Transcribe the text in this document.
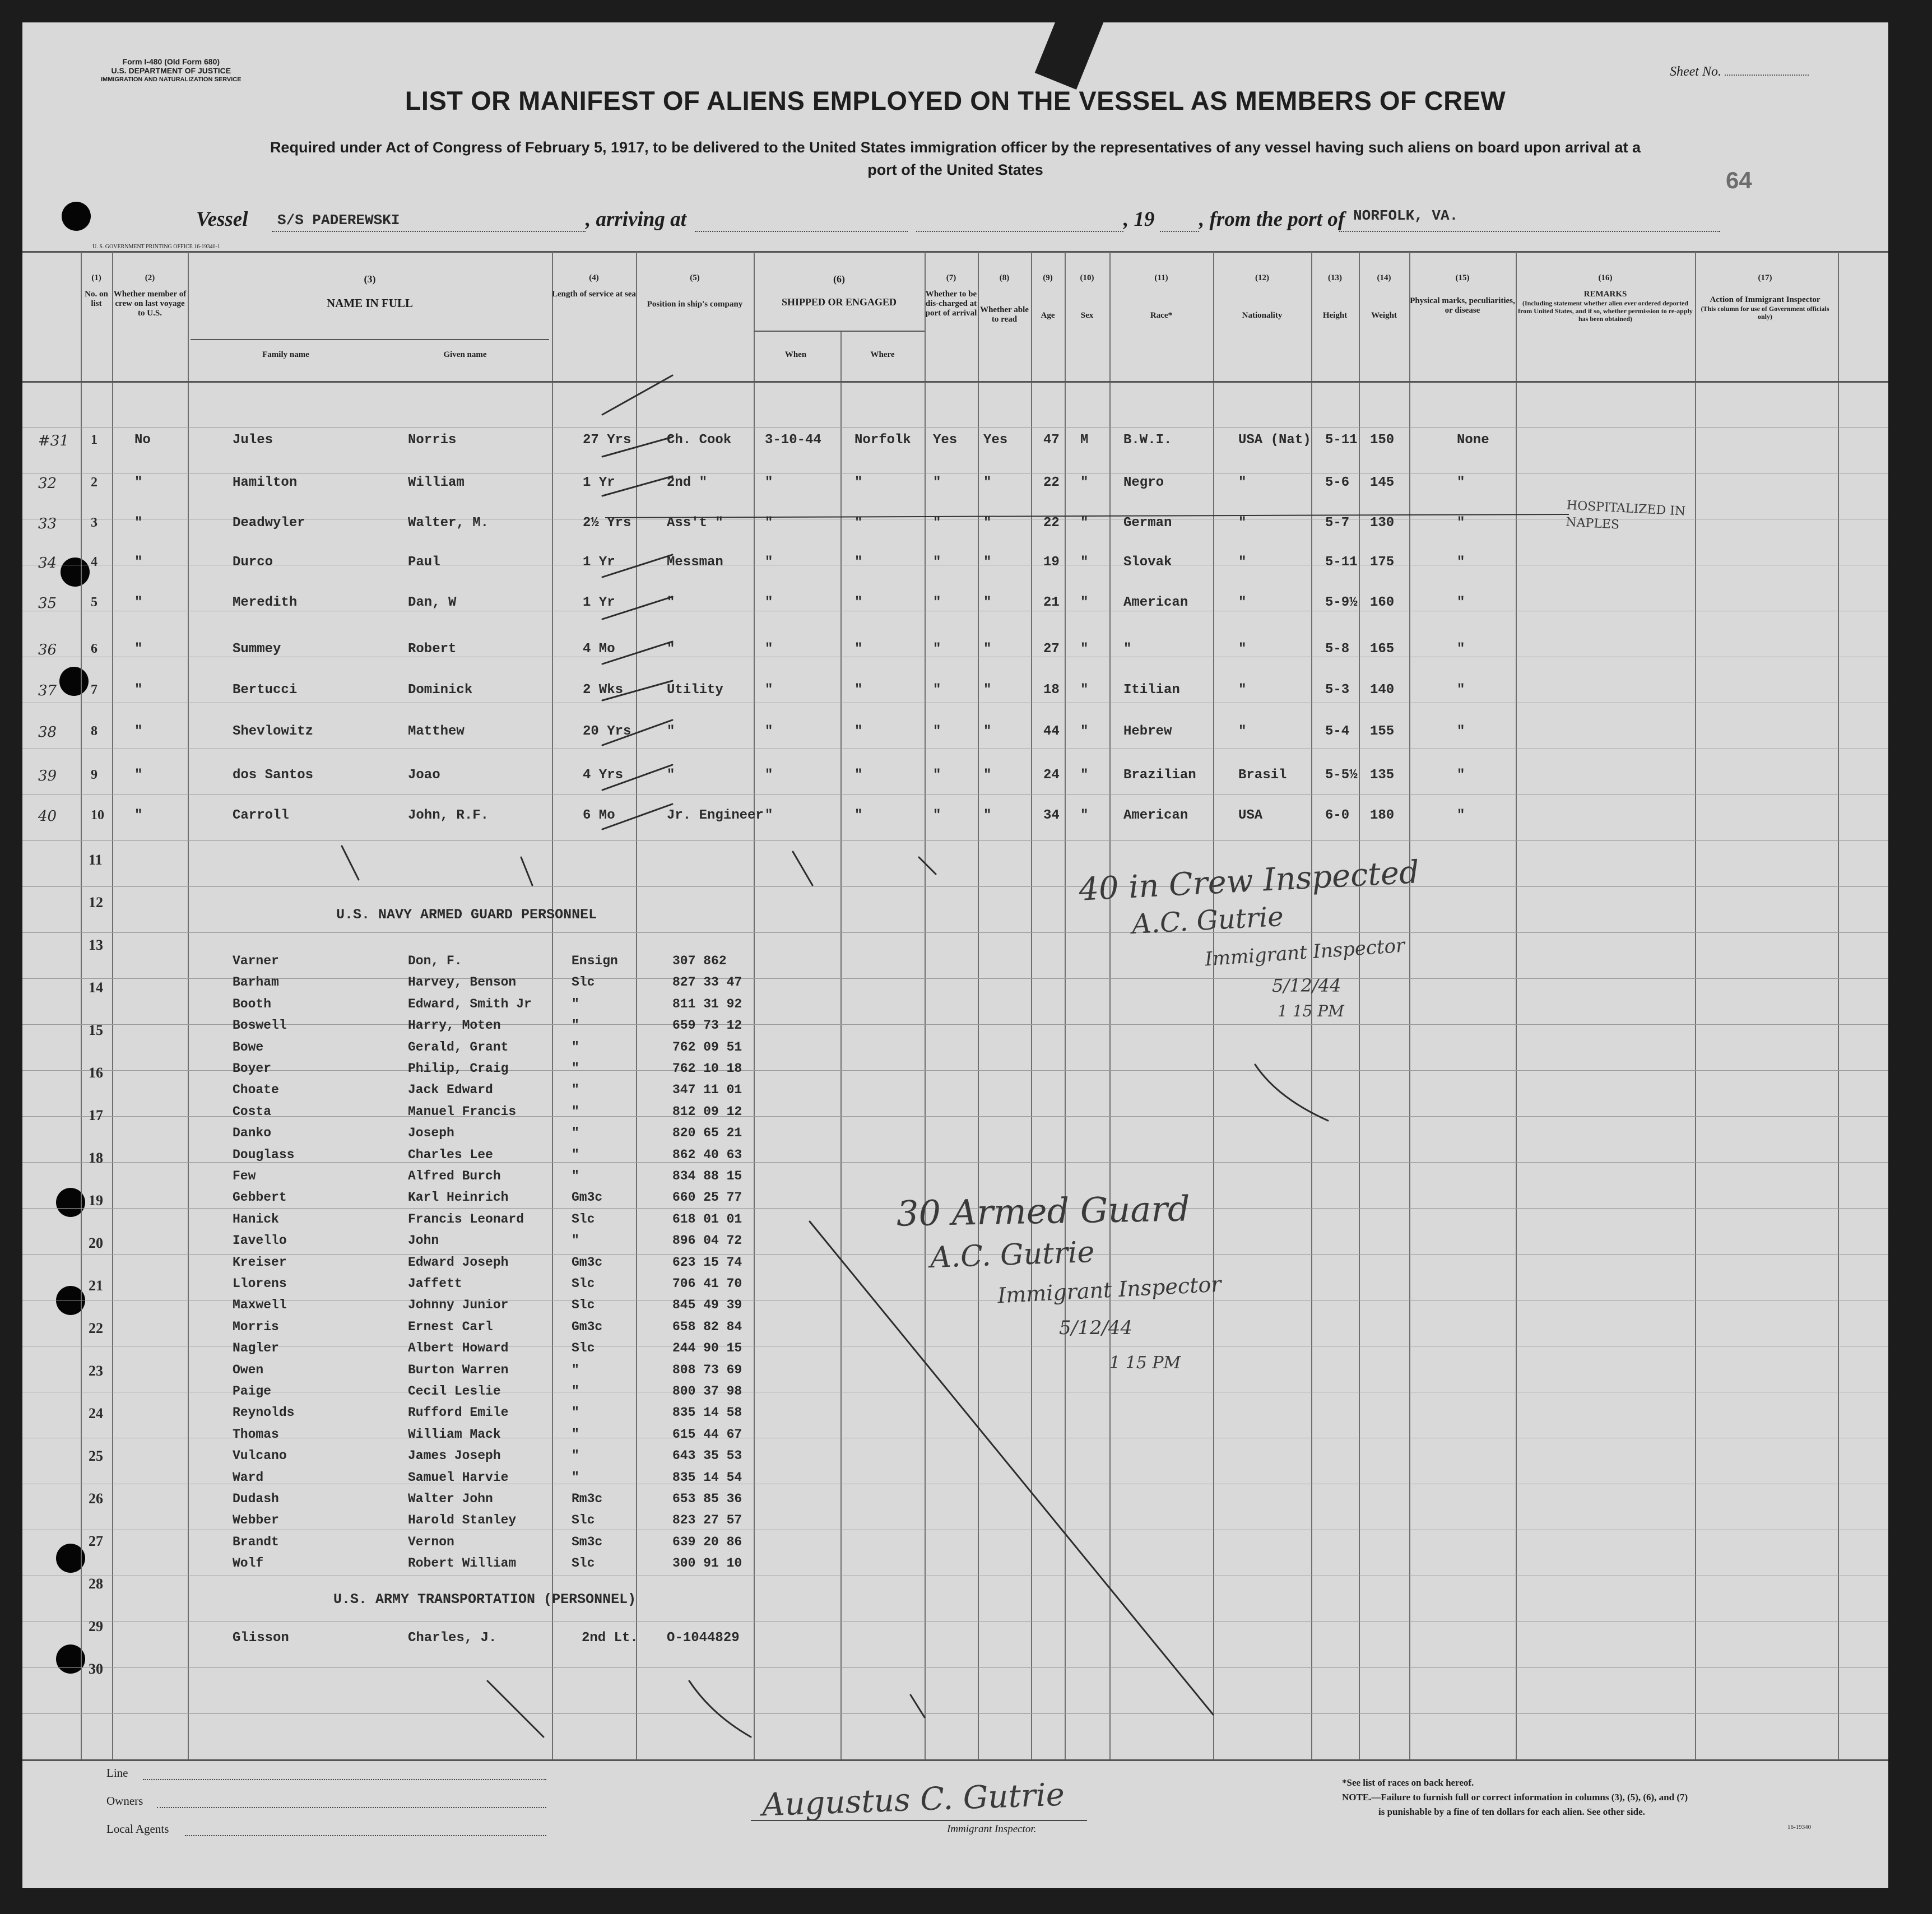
Form I-480 (Old Form 680)
U.S. DEPARTMENT OF JUSTICE
IMMIGRATION AND NATURALIZATION SERVICE
Sheet No.
LIST OR MANIFEST OF ALIENS EMPLOYED ON THE VESSEL AS MEMBERS OF CREW
Required under Act of Congress of February 5, 1917, to be delivered to the United States immigration officer by the representatives of any vessel having such aliens on board upon arrival at a
port of the United States	64
Vessel S/S PADEREWSKI	, arriving at	, 19 , from the port of NORFOLK, VA.
U. S. GOVERNMENT PRINTING OFFICE 16-19340-1
(1)
No. on list
(2)
Whether member of crew on last voyage to U.S.
(3)
NAME IN FULL
Family name	Given name
(4)
Length of service at sea
(5)
Position in ship's company
(6)
SHIPPED OR ENGAGED
When	Where
(7)
Whether to be dis-charged at port of arrival
(8)
Whether able to read
(9)
Age
(10)
Sex
(11)
Race*
(12)
Nationality
(13)
Height
(14)
Weight
(15)
Physical marks, peculiarities, or disease
(16)
REMARKS
(Including statement whether alien ever ordered deported from United States, and if so, whether permission to re-apply has been obtained)
(17)
Action of Immigrant Inspector
(This column for use of Government officials only)
#31 1	No	Jules	Norris	27 Yrs	Ch. Cook 3-10-44 Norfolk Yes Yes	47 M	B.W.I.	USA (Nat) 5-11 150	None
32	2	"	Hamilton	William	1 Yr	2nd "	"	"	"	"	22 "	Negro	"	5-6 145	"
33	3	"	Deadwyler	Walter, M.	2½ Yrs	Ass't "	"	"	"	"	22 "	German	"	5-7 130	"
34	4	"	Durco	Paul	1 Yr	Messman	"	"	"	"	19 "	Slovak	"	5-11 175	"
35	5	"	Meredith	Dan, W	1 Yr	"	"	"	"	"	21 "	American	"	5-9½ 160	"
36	6	"	Summey	Robert	4 Mo	"	"	"	"	"	27 "	"	"	5-8 165	"
37	7	"	Bertucci	Dominick	2 Wks	Utility	"	"	"	"	18 "	Itilian	"	5-3 140	"
38	8	"	Shevlowitz	Matthew	20 Yrs	"	"	"	"	"	44 "	Hebrew	"	5-4 155	"
39	9	"	dos Santos	Joao	4 Yrs	"	"	"	"	"	24 "	Brazilian	Brasil	5-5½ 135	"
40	10 "	Carroll	John, R.F.	6 Mo	Jr. Engineer "	"	"	"	34 "	American	USA	6-0 180	"
HOSPITALIZED IN NAPLES
U.S. NAVY ARMED GUARD PERSONNEL
Varner	Don, F.	Ensign	307 862
Barham	Harvey, Benson	Slc	827 33 47
Booth	Edward, Smith Jr	"	811 31 92
Boswell	Harry, Moten	"	659 73 12
Bowe	Gerald, Grant	"	762 09 51
Boyer	Philip, Craig	"	762 10 18
Choate	Jack Edward	"	347 11 01
Costa	Manuel Francis	"	812 09 12
Danko	Joseph	"	820 65 21
Douglass	Charles Lee	"	862 40 63
Few	Alfred Burch	"	834 88 15
Gebbert	Karl Heinrich	Gm3c	660 25 77
Hanick	Francis Leonard	Slc	618 01 01
Iavello	John	"	896 04 72
Kreiser	Edward Joseph	Gm3c	623 15 74
Llorens	Jaffett	Slc	706 41 70
Maxwell	Johnny Junior	Slc	845 49 39
Morris	Ernest Carl	Gm3c	658 82 84
Nagler	Albert Howard	Slc	244 90 15
Owen	Burton Warren	"	808 73 69
Paige	Cecil Leslie	"	800 37 98
Reynolds	Rufford Emile	"	835 14 58
Thomas	William Mack	"	615 44 67
Vulcano	James Joseph	"	643 35 53
Ward	Samuel Harvie	"	835 14 54
Dudash	Walter John	Rm3c	653 85 36
Webber	Harold Stanley	Slc	823 27 57
Brandt	Vernon	Sm3c	639 20 86
Wolf	Robert William	Slc	300 91 10
U.S. ARMY TRANSPORTATION (PERSONNEL)
Glisson	Charles, J.	2nd Lt. O-1044829
11
12
13
14
15
16
17
18
19
20
21
22
23
24
25
26
27
28
29
30
40 in Crew Inspected
A.C. Gutrie
Immigrant Inspector
5/12/44
1 15 PM
30 Armed Guard
A.C. Gutrie
Immigrant Inspector
5/12/44
1 15 PM
Line
Owners
Local Agents
Augustus C. Gutrie
Immigrant Inspector.
*See list of races on back hereof.
NOTE.—Failure to furnish full or correct information in columns (3), (5), (6), and (7)
is punishable by a fine of ten dollars for each alien. See other side.
16-19340
